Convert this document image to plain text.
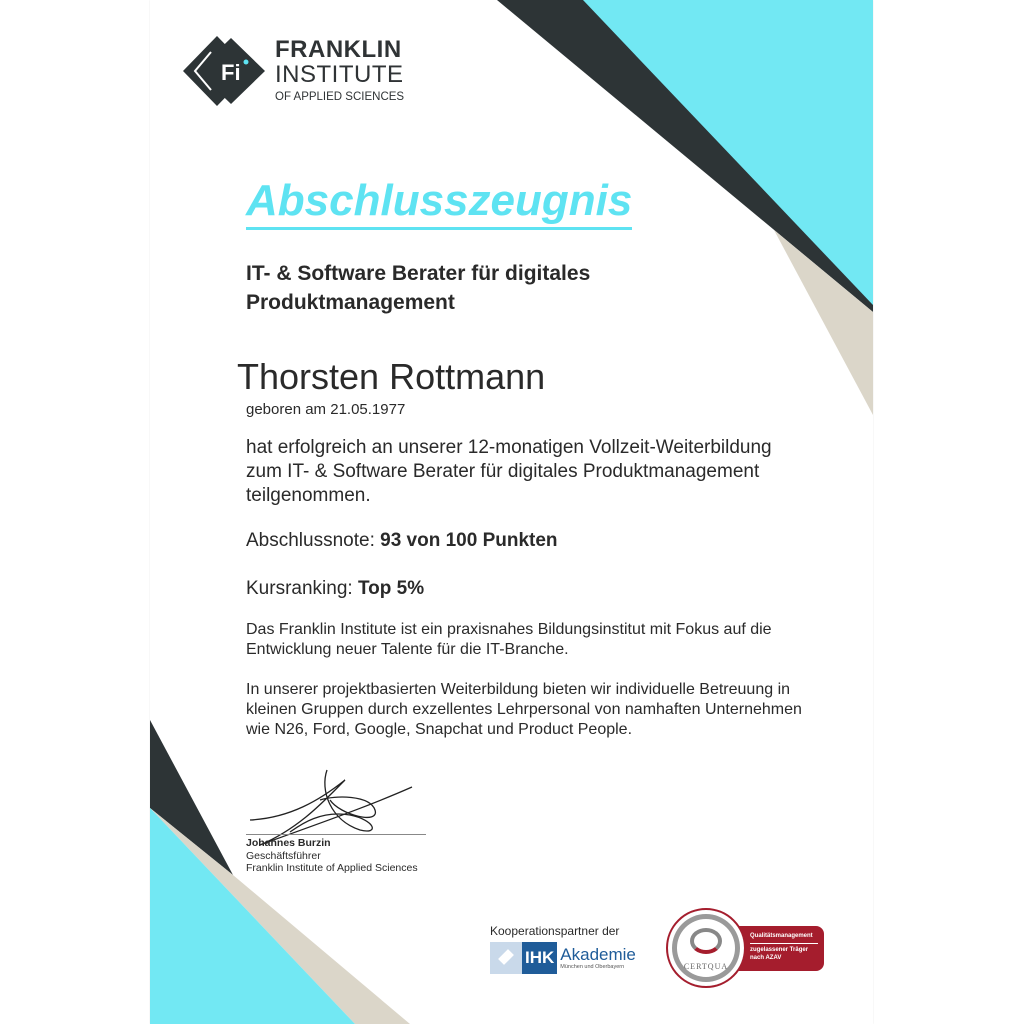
Fi
FRANKLIN
INSTITUTE
OF APPLIED SCIENCES
Abschlusszeugnis
IT- & Software Berater für digitales Produktmanagement
Thorsten Rottmann
geboren am 21.05.1977
hat erfolgreich an unserer 12-monatigen Vollzeit-Weiterbildung zum IT- & Software Berater für digitales Produktmanagement teilgenommen.
Abschlussnote: 93 von 100 Punkten
Kursranking: Top 5%
Das Franklin Institute ist ein praxisnahes Bildungsinstitut mit Fokus auf die Entwicklung neuer Talente für die IT-Branche.
In unserer projektbasierten Weiterbildung bieten wir individuelle Betreuung in kleinen Gruppen durch exzellentes Lehrpersonal von namhaften Unternehmen wie N26, Ford, Google, Snapchat und Product People.
Johannes Burzin
Geschäftsführer
Franklin Institute of Applied Sciences
Kooperationspartner der
IHK Akademie
München und Oberbayern
Qualitätsmanagement
zugelassener Träger
nach AZAV
CERTQUA
